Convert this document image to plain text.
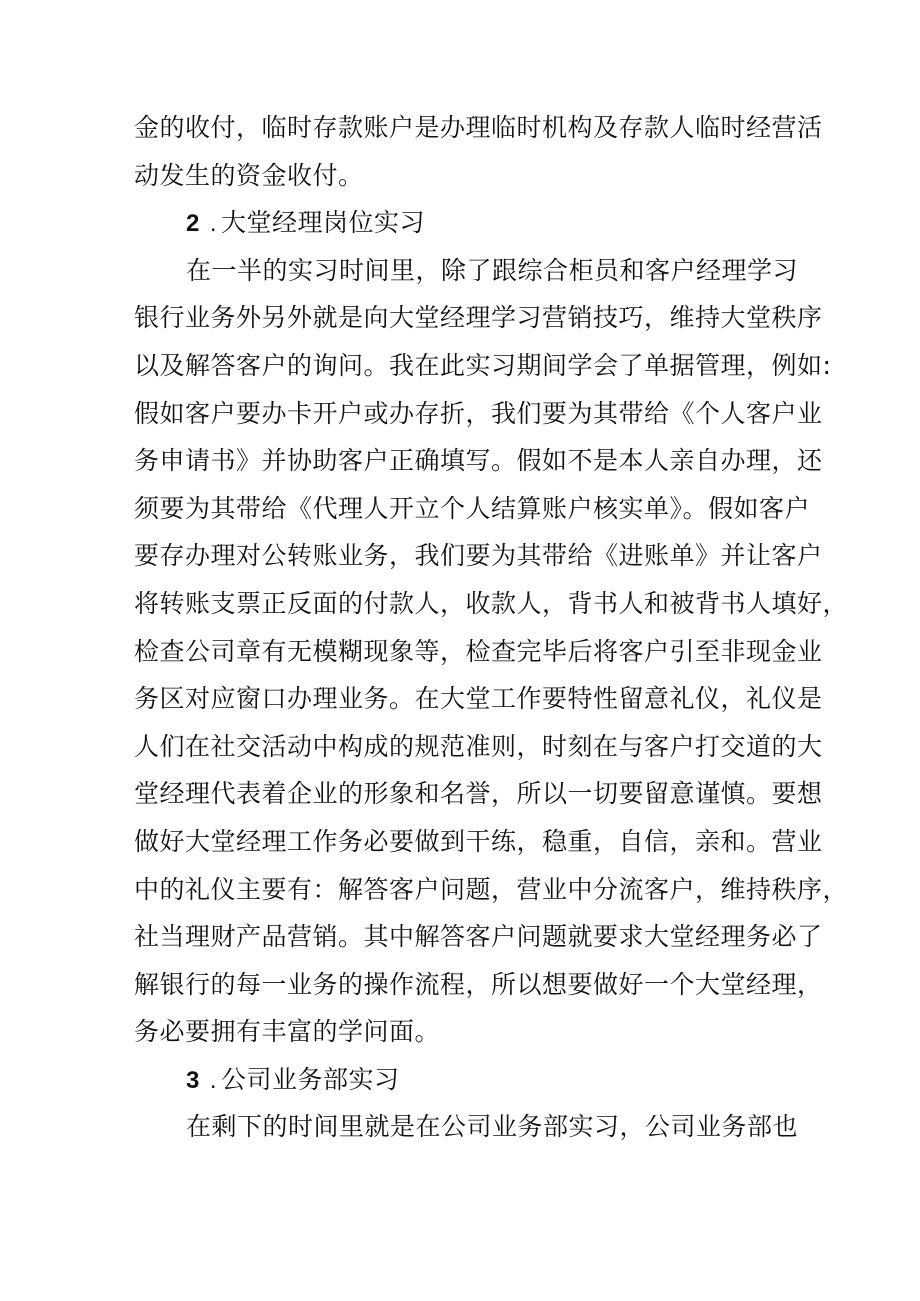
金的收付，临时存款账户是办理临时机构及存款人临时经营活
动发生的资金收付。
2 . 大堂经理岗位实习
在一半的实习时间里，除了跟综合柜员和客户经理学习
银行业务外另外就是向大堂经理学习营销技巧，维持大堂秩序
以及解答客户的询问。我在此实习期间学会了单据管理，例如:
假如客户要办卡开户或办存折，我们要为其带给《个人客户业
务申请书》并协助客户正确填写。假如不是本人亲自办理，还
须要为其带给《代理人开立个人结算账户核实单》。假如客户
要存办理对公转账业务，我们要为其带给《进账单》并让客户
将转账支票正反面的付款人，收款人，背书人和被背书人填好，
检查公司章有无模糊现象等，检查完毕后将客户引至非现金业
务区对应窗口办理业务。在大堂工作要特性留意礼仪，礼仪是
人们在社交活动中构成的规范准则，时刻在与客户打交道的大
堂经理代表着企业的形象和名誉，所以一切要留意谨慎。要想
做好大堂经理工作务必要做到干练，稳重，自信，亲和。营业
中的礼仪主要有：解答客户问题，营业中分流客户，维持秩序，
社当理财产品营销。其中解答客户问题就要求大堂经理务必了
解银行的每一业务的操作流程，所以想要做好一个大堂经理，
务必要拥有丰富的学问面。
3 . 公司业务部实习
在剩下的时间里就是在公司业务部实习，公司业务部也
